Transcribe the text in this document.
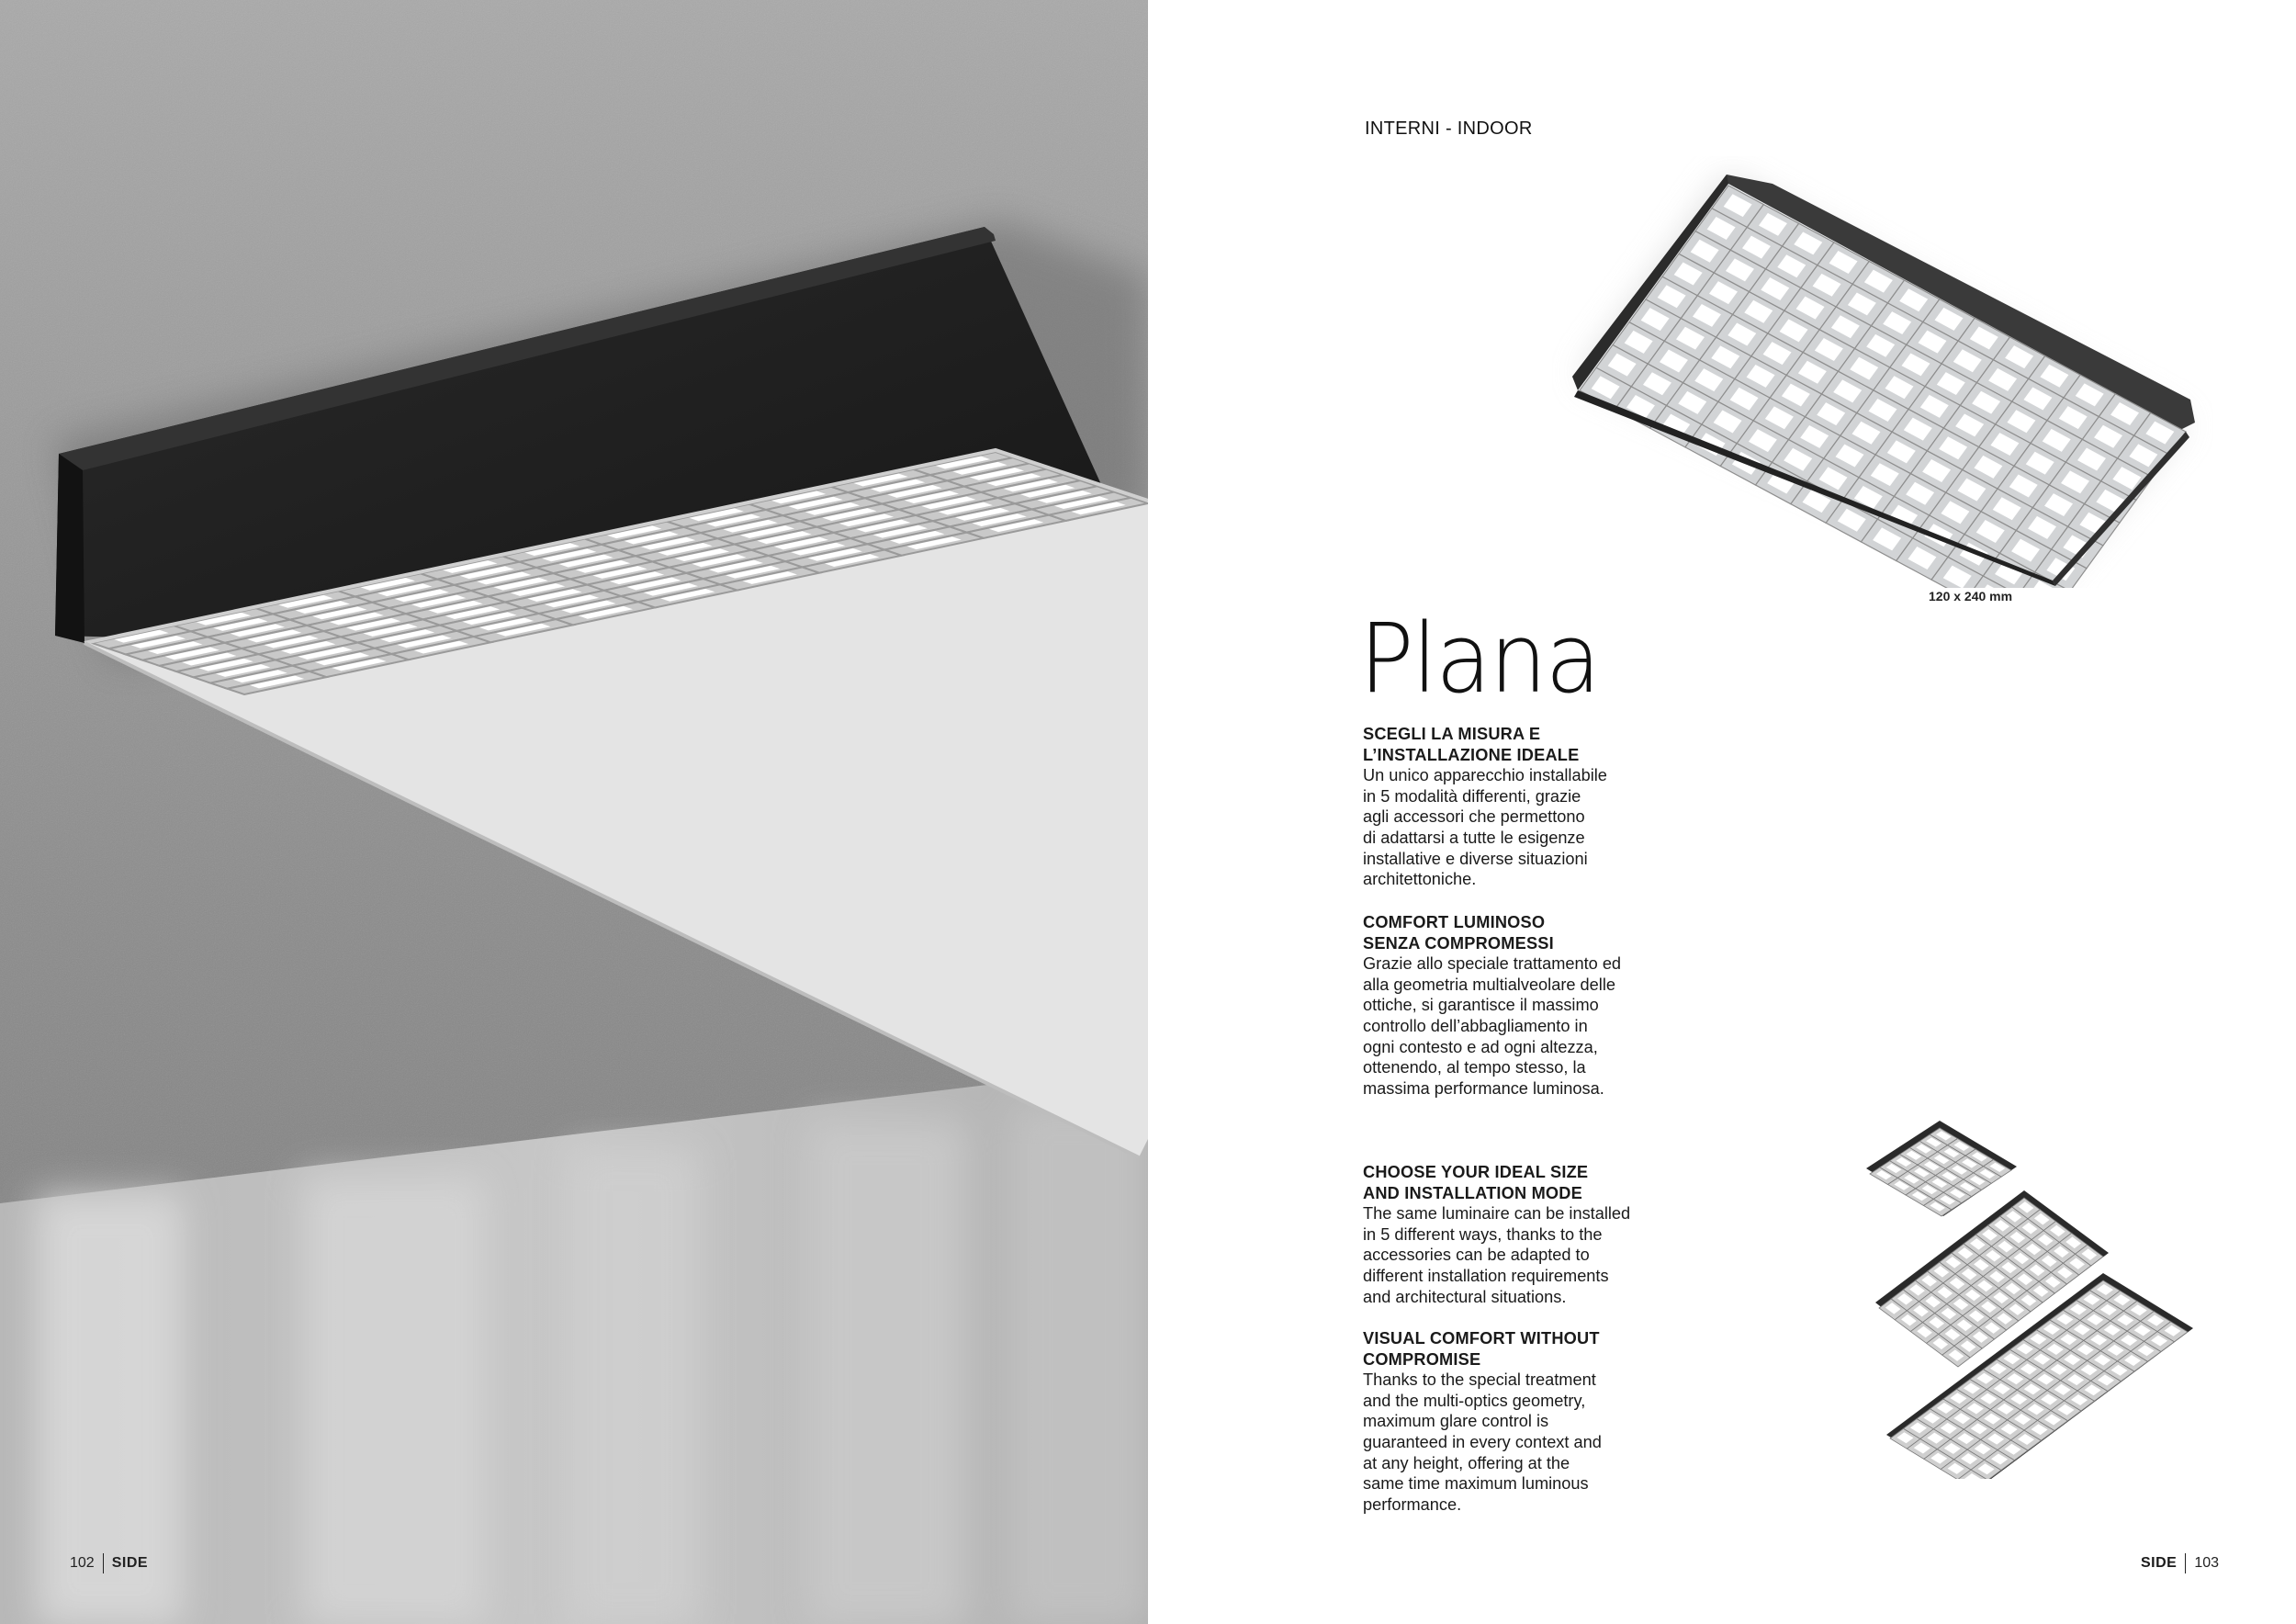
102 SIDE
INTERNI - INDOOR
120 x 240 mm
Plana
SCEGLI LA MISURA E
L’INSTALLAZIONE IDEALE
Un unico apparecchio installabile
in 5 modalità differenti, grazie
agli accessori che permettono
di adattarsi a tutte le esigenze
installative e diverse situazioni
architettoniche.
COMFORT LUMINOSO
SENZA COMPROMESSI
Grazie allo speciale trattamento ed
alla geometria multialveolare delle
ottiche, si garantisce il massimo
controllo dell’abbagliamento in
ogni contesto e ad ogni altezza,
ottenendo, al tempo stesso, la
massima performance luminosa.
CHOOSE YOUR IDEAL SIZE
AND INSTALLATION MODE
The same luminaire can be installed
in 5 different ways, thanks to the
accessories can be adapted to
different installation requirements
and architectural situations.
VISUAL COMFORT WITHOUT
COMPROMISE
Thanks to the special treatment
and the multi-optics geometry,
maximum glare control is
guaranteed in every context and
at any height, offering at the
same time maximum luminous
performance.
SIDE 103
